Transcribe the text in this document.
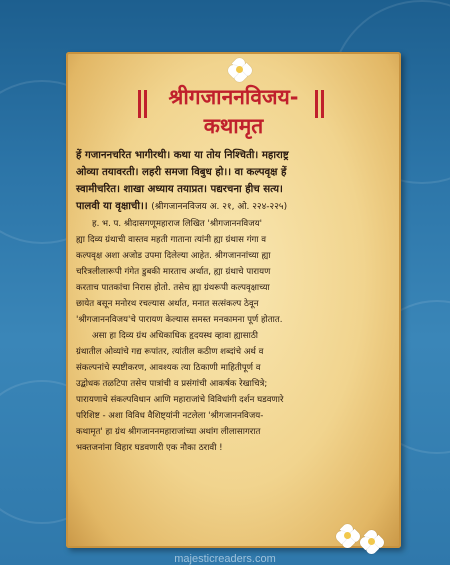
श्रीगजाननविजय-
कथामृत
हें गजाननचरित भागीरथी। कथा या तोय निश्चिती। महाराष्ट्र
ओव्या तयावरती। लहरी समजा विबुध हो।। वा कल्पवृक्ष हें
स्वामीचरित। शाखा अध्याय तयाप्रत। पद्यरचना हीच सत्य।
पालवी या वृक्षाची।। (श्रीगजाननविजय अ. २१, ओ. २२४-२२५)

ह. भ. प. श्रीदासगणूमहाराज लिखित 'श्रीगजाननविजय'
ह्या दिव्य ग्रंथाची वास्तव महती गाताना त्यांनी ह्या ग्रंथास गंगा व
कल्पवृक्ष अशा अजोड उपमा दिलेल्या आहेत. श्रीगजाननांच्या ह्या
चरित्रलीलारूपी गंगेत डुबकी मारताच अर्थात, ह्या ग्रंथाचे पारायण
करताच पातकांचा निरास होतो. तसेच ह्या ग्रंथरूपी कल्पवृक्षाच्या
छायेत बसून मनोरथ रचल्यास अर्थात, मनात सत्संकल्प ठेवून
'श्रीगजाननविजय'चे पारायण केल्यास समस्त मनकामना पूर्ण होतात.

असा हा दिव्य ग्रंथ अधिकाधिक हृदयस्थ व्हावा ह्यासाठी
ग्रंथातील ओव्यांचे गद्य रूपांतर, त्यांतील कठीण शब्दांचे अर्थ व
संकल्पनांचे स्पष्टीकरण, आवश्यक त्या ठिकाणी माहितीपूर्ण व
उद्बोधक तळटिपा तसेच पात्रांची व प्रसंगांची आकर्षक रेखाचित्रे;
पारायणाचे संकल्पविधान आणि महाराजांचे विविधांगी दर्शन घडवणारे
परिशिष्ट - अशा विविध वैशिष्ट्यांनी नटलेला 'श्रीगजाननविजय-
कथामृत' हा ग्रंथ श्रीगजाननमहाराजांच्या अथांग लीलासागरात
भक्तजनांना विहार घडवणारी एक नौका ठरावी !

majesticreaders.com
